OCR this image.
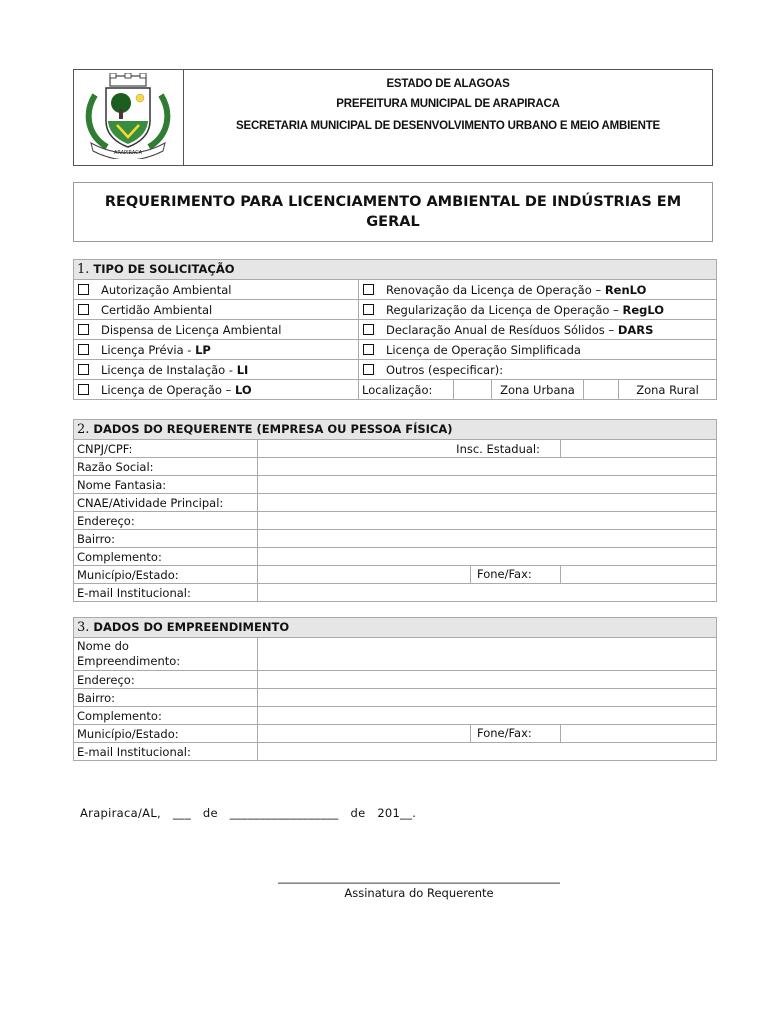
ARAPIRACA
ESTADO DE ALAGOAS
PREFEITURA MUNICIPAL DE ARAPIRACA
SECRETARIA MUNICIPAL DE DESENVOLVIMENTO URBANO E MEIO AMBIENTE
REQUERIMENTO PARA LICENCIAMENTO AMBIENTAL DE INDÚSTRIAS EM GERAL
1. TIPO DE SOLICITAÇÃO					
Autorização Ambiental	Renovação da Licença de Operação – RenLO				
Certidão Ambiental	Regularização da Licença de Operação – RegLO				
Dispensa de Licença Ambiental	Declaração Anual de Resíduos Sólidos – DARS				
Licença Prévia - LP	Licença de Operação Simplificada				
Licença de Instalação - LI	Outros (especificar):				
Licença de Operação – LO	Localização:		Zona Urbana		Zona Rural
2. DADOS DO REQUERENTE (EMPRESA OU PESSOA FÍSICA)			
CNPJ/CPF:		Insc. Estadual:	
Razão Social:			
Nome Fantasia:			
CNAE/Atividade Principal:			
Endereço:			
Bairro:			
Complemento:			
Município/Estado:	Fone/Fax:		

E-mail Institucional:			
3. DADOS DO EMPREENDIMENTO		
Nome do
Empreendimento:		
Endereço:		
Bairro:		
Complemento:		
Município/Estado:	Fone/Fax:	

E-mail Institucional:		
Arapiraca/AL,   ___   de   __________________   de   201__.
_________________________________________________
Assinatura do Requerente
